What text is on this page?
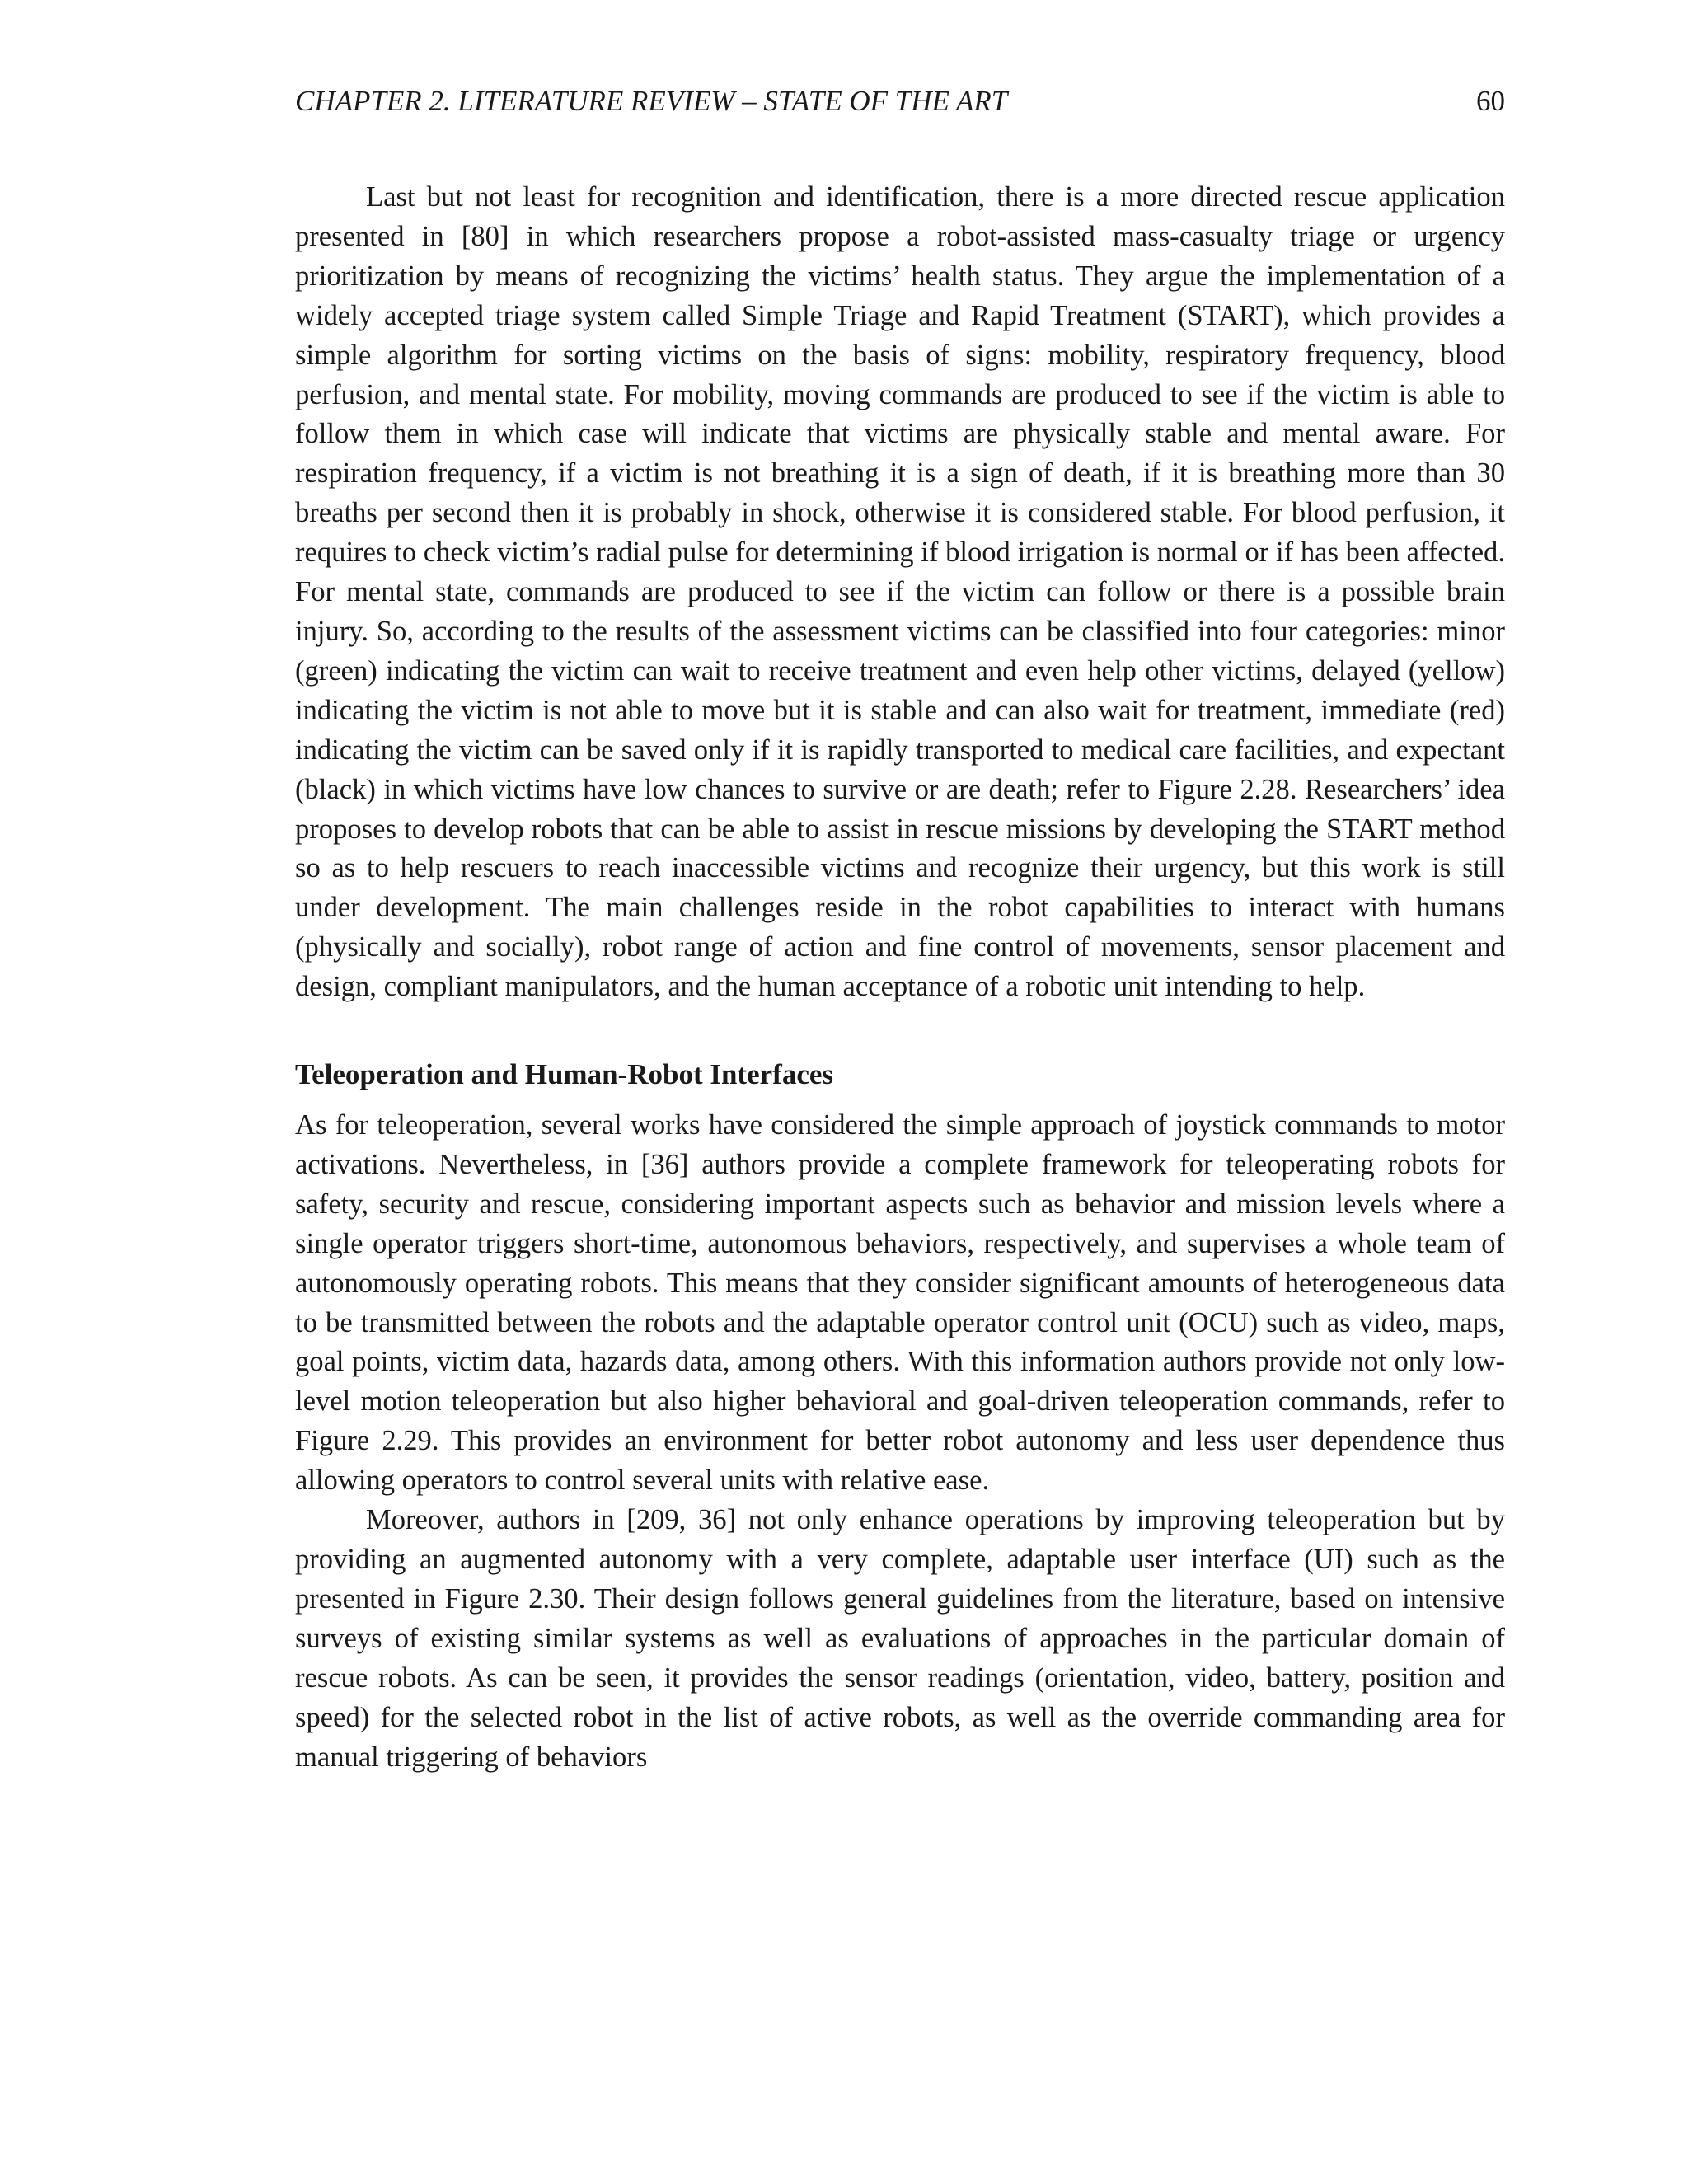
CHAPTER 2. LITERATURE REVIEW – STATE OF THE ART	60

Last but not least for recognition and identification, there is a more directed rescue application presented in [80] in which researchers propose a robot-assisted mass-casualty triage or urgency prioritization by means of recognizing the victims’ health status. They argue the implementation of a widely accepted triage system called Simple Triage and Rapid Treatment (START), which provides a simple algorithm for sorting victims on the basis of signs: mobility, respiratory frequency, blood perfusion, and mental state. For mobility, moving commands are produced to see if the victim is able to follow them in which case will indicate that victims are physically stable and mental aware. For respiration frequency, if a victim is not breathing it is a sign of death, if it is breathing more than 30 breaths per second then it is probably in shock, otherwise it is considered stable. For blood perfusion, it requires to check victim’s radial pulse for determining if blood irrigation is normal or if has been affected. For mental state, commands are produced to see if the victim can follow or there is a possible brain injury. So, according to the results of the assessment victims can be classified into four categories: minor (green) indicating the victim can wait to receive treatment and even help other victims, delayed (yellow) indicating the victim is not able to move but it is stable and can also wait for treatment, immediate (red) indicating the victim can be saved only if it is rapidly transported to medical care facilities, and expectant (black) in which victims have low chances to survive or are death; refer to Figure 2.28. Researchers’ idea proposes to develop robots that can be able to assist in rescue missions by developing the START method so as to help rescuers to reach inaccessible victims and recognize their urgency, but this work is still under development. The main challenges reside in the robot capabilities to interact with humans (physically and socially), robot range of action and fine control of movements, sensor placement and design, compliant manipulators, and the human acceptance of a robotic unit intending to help.

Teleoperation and Human-Robot Interfaces

As for teleoperation, several works have considered the simple approach of joystick commands to motor activations. Nevertheless, in [36] authors provide a complete framework for teleoperating robots for safety, security and rescue, considering important aspects such as behavior and mission levels where a single operator triggers short-time, autonomous behaviors, respectively, and supervises a whole team of autonomously operating robots. This means that they consider significant amounts of heterogeneous data to be transmitted between the robots and the adaptable operator control unit (OCU) such as video, maps, goal points, victim data, hazards data, among others. With this information authors provide not only low-level motion teleoperation but also higher behavioral and goal-driven teleoperation commands, refer to Figure 2.29. This provides an environment for better robot autonomy and less user dependence thus allowing operators to control several units with relative ease.

Moreover, authors in [209, 36] not only enhance operations by improving teleoperation but by providing an augmented autonomy with a very complete, adaptable user interface (UI) such as the presented in Figure 2.30. Their design follows general guidelines from the literature, based on intensive surveys of existing similar systems as well as evaluations of approaches in the particular domain of rescue robots. As can be seen, it provides the sensor readings (orientation, video, battery, position and speed) for the selected robot in the list of active robots, as well as the override commanding area for manual triggering of behaviors
